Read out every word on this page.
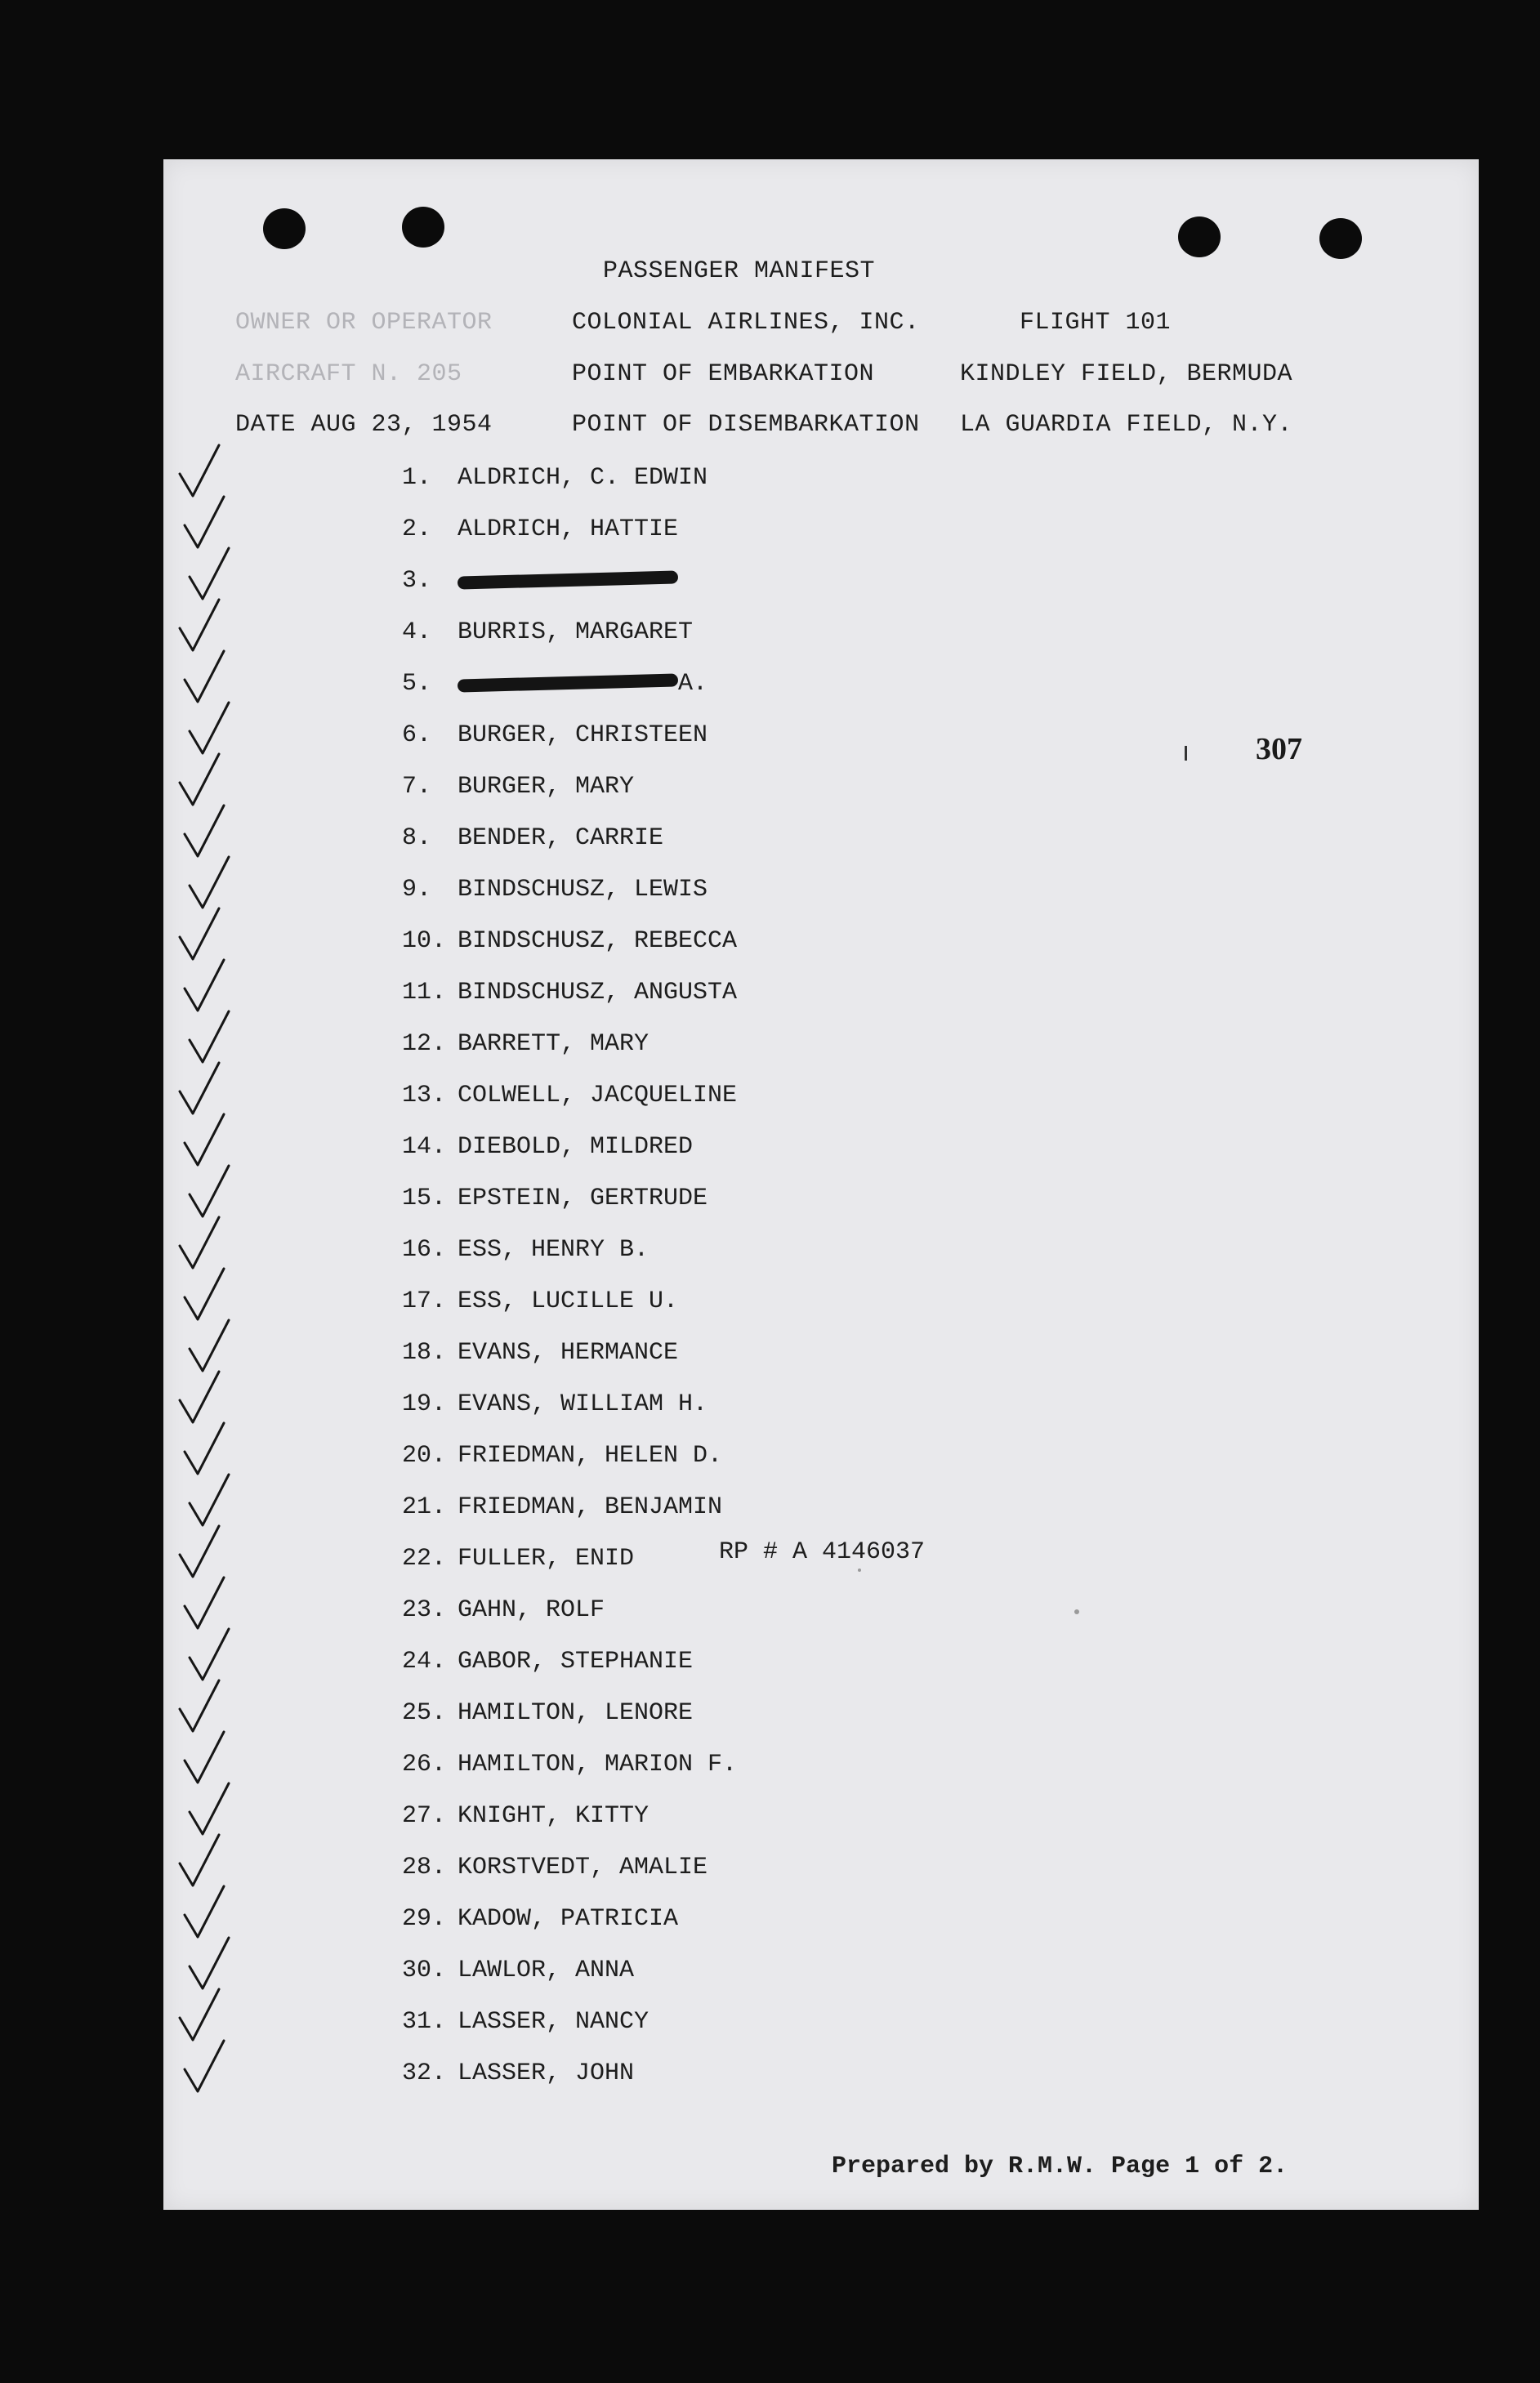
PASSENGER MANIFEST
OWNER OR OPERATOR	COLONIAL AIRLINES, INC.	FLIGHT 101
AIRCRAFT N. 205	POINT OF EMBARKATION	KINDLEY FIELD, BERMUDA
DATE AUG 23, 1954	POINT OF DISEMBARKATION LA GUARDIA FIELD, N.Y.
1. ALDRICH, C. EDWIN
2. ALDRICH, HATTIE
3.
4. BURRIS, MARGARET
5.	A.
6. BURGER, CHRISTEEN
7. BURGER, MARY
8. BENDER, CARRIE
9. BINDSCHUSZ, LEWIS
10. BINDSCHUSZ, REBECCA
11. BINDSCHUSZ, ANGUSTA
12. BARRETT, MARY
13. COLWELL, JACQUELINE
14. DIEBOLD, MILDRED
15. EPSTEIN, GERTRUDE
16. ESS, HENRY B.
17. ESS, LUCILLE U.
18. EVANS, HERMANCE
19. EVANS, WILLIAM H.
20. FRIEDMAN, HELEN D.
21. FRIEDMAN, BENJAMIN
22. FULLER, ENID
23. GAHN, ROLF
24. GABOR, STEPHANIE
25. HAMILTON, LENORE
26. HAMILTON, MARION F.
27. KNIGHT, KITTY
28. KORSTVEDT, AMALIE
29. KADOW, PATRICIA
30. LAWLOR, ANNA
31. LASSER, NANCY
32. LASSER, JOHN
307
RP # A 4146037
Prepared by R.M.W. Page 1 of 2.
